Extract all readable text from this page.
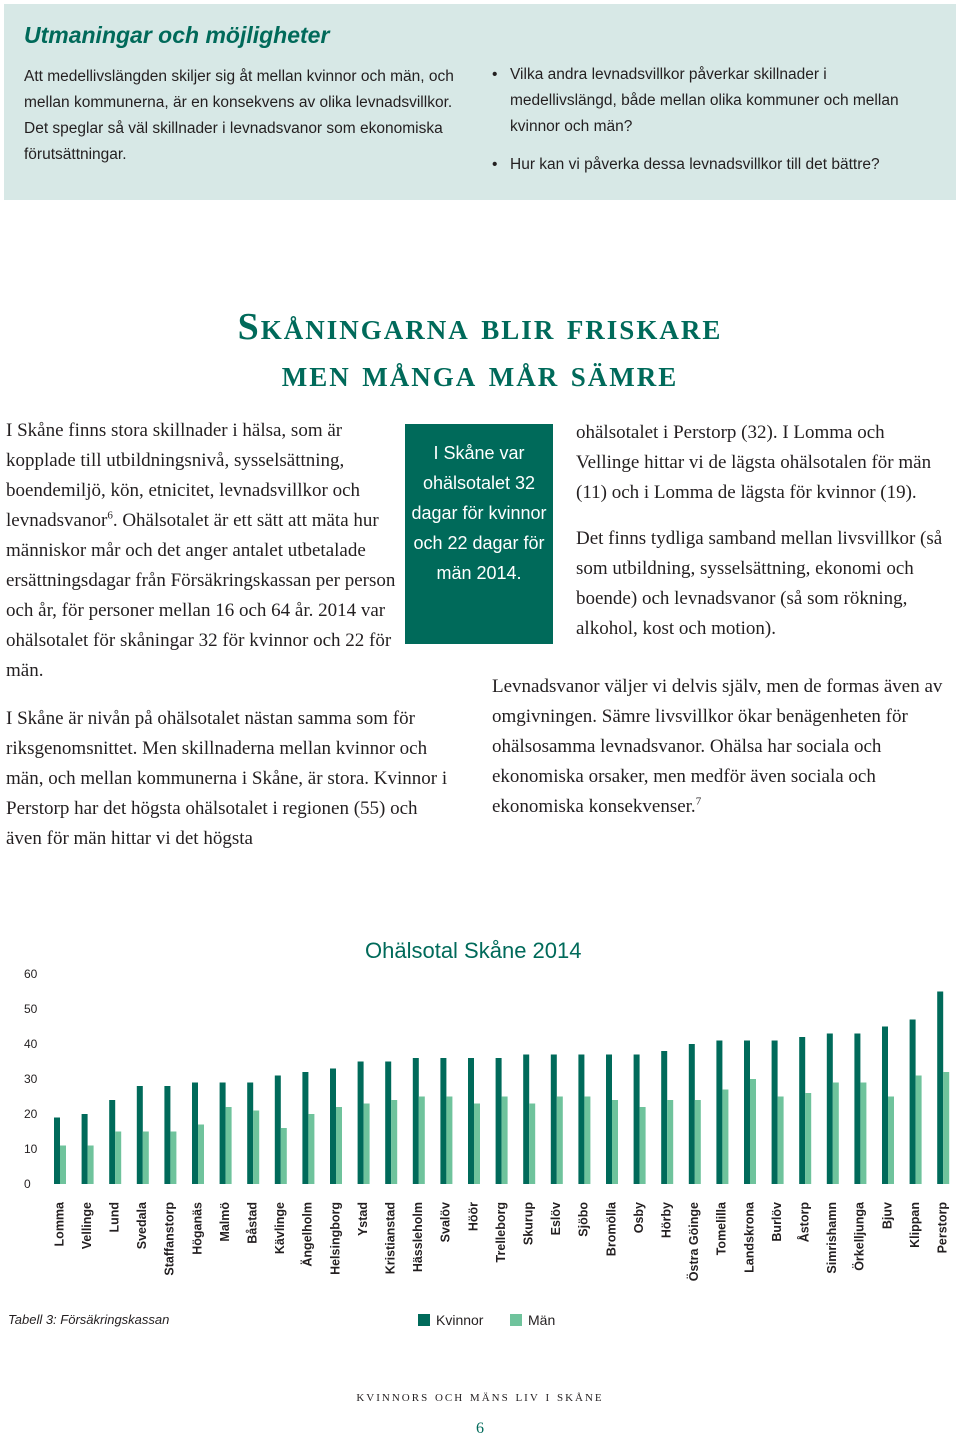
Utmaningar och möjligheter
Att medellivslängden skiljer sig åt mellan kvinnor och män, och mellan kommunerna, är en konsekvens av olika levnadsvillkor. Det speglar så väl skillnader i levnadsvanor som ekonomiska förutsättningar.
• Vilka andra levnadsvillkor påverkar skillnader i medellivslängd, både mellan olika kommuner och mellan kvinnor och män?
• Hur kan vi påverka dessa levnadsvillkor till det bättre?
Skåningarna blir friskare
men många mår sämre

I Skåne finns stora skillnader i hälsa, som är kopplade till utbildningsnivå, sysselsättning, boendemiljö, kön, etnicitet, levnadsvillkor och levnadsvanor$^6$. Ohälsotalet är ett sätt att mäta hur människor mår och det anger antalet utbetalade ersättningsdagar från Försäkringskassan per person och år, för personer mellan 16 och 64 år. 2014 var ohälsotalet för skåningar 32 för kvinnor och 22 för män.

I Skåne är nivån på ohälsotalet nästan samma som för riksgenomsnittet. Men skillnaderna mellan kvinnor och män, och mellan kommunerna i Skåne, är stora. Kvinnor i Perstorp har det högsta ohälsotalet i regionen (55) och även för män hittar vi det högsta

I Skåne var ohälsotalet 32 dagar för kvinnor och 22 dagar för män 2014.

ohälsotalet i Perstorp (32). I Lomma och Vellinge hittar vi de lägsta ohälsotalen för män (11) och i Lomma de lägsta för kvinnor (19).

Det finns tydliga samband mellan livsvillkor (så som utbildning, sysselsättning, ekonomi och boende) och levnadsvanor (så som rökning, alkohol, kost och motion).

Levnadsvanor väljer vi delvis själv, men de formas även av omgivningen. Sämre livsvillkor ökar benägenheten för ohälsosamma levnadsvanor. Ohälsa har sociala och ekonomiska orsaker, men medför även sociala och ekonomiska konsekvenser.$^7$

Ohälsotal Skåne 2014
0
10
20
30
40
50
60
Lomma Vellinge Lund Svedala Staffanstorp Höganäs Malmö Båstad Kävlinge Ängelholm Helsingborg Ystad Kristianstad Hässleholm Svalöv Höör Trelleborg Skurup Eslöv Sjöbo Bromölla Osby Hörby Östra Göinge Tomelilla Landskrona Burlöv Åstorp Simrishamn Örkelljunga Bjuv Klippan Perstorp
Tabell 3: Försäkringskassan	Kvinnor	Män
kvinnors och mäns liv i skåne
6
